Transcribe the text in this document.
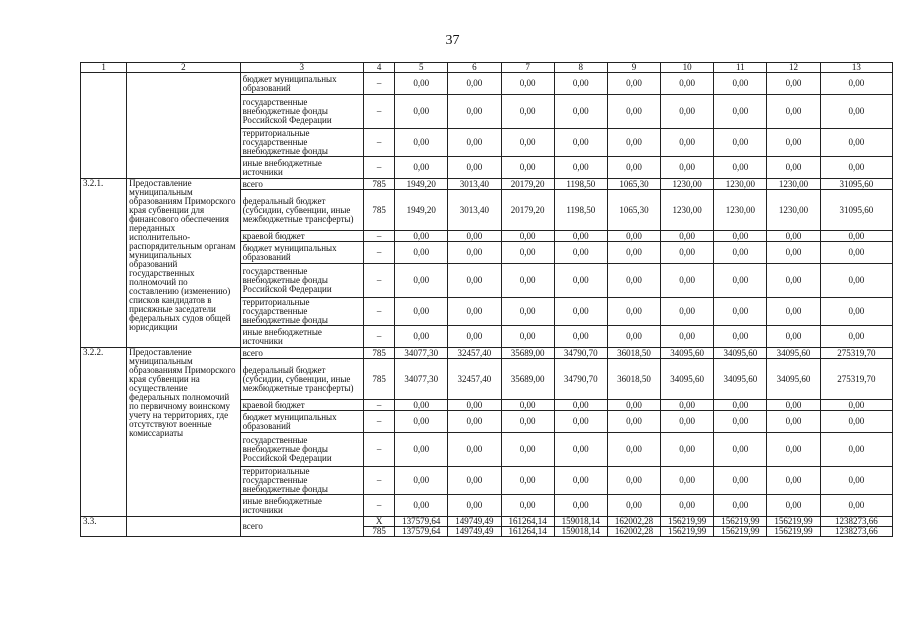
37
1	2	3	4	5	6	7	8	9	10	11	12	13
		бюджет муниципальных образований	–	0,00	0,00	0,00	0,00	0,00	0,00	0,00	0,00	0,00
		государственные внебюджетные фонды Российской Федерации	–	0,00	0,00	0,00	0,00	0,00	0,00	0,00	0,00	0,00
		территориальные государственные внебюджетные фонды	–	0,00	0,00	0,00	0,00	0,00	0,00	0,00	0,00	0,00
		иные внебюджетные источники	–	0,00	0,00	0,00	0,00	0,00	0,00	0,00	0,00	0,00
3.2.1.	Предоставление муниципальным образованиям Приморского края субвенции для финансового обеспечения переданных исполнительно-распорядительным органам муниципальных образований государственных полномочий по составлению (изменению) списков кандидатов в присяжные заседатели федеральных судов общей юрисдикции	всего	785	1949,20	3013,40	20179,20	1198,50	1065,30	1230,00	1230,00	1230,00	31095,60
		федеральный бюджет (субсидии, субвенции, иные межбюджетные трансферты)	785	1949,20	3013,40	20179,20	1198,50	1065,30	1230,00	1230,00	1230,00	31095,60
		краевой бюджет	–	0,00	0,00	0,00	0,00	0,00	0,00	0,00	0,00	0,00
		бюджет муниципальных образований	–	0,00	0,00	0,00	0,00	0,00	0,00	0,00	0,00	0,00
		государственные внебюджетные фонды Российской Федерации	–	0,00	0,00	0,00	0,00	0,00	0,00	0,00	0,00	0,00
		территориальные государственные внебюджетные фонды	–	0,00	0,00	0,00	0,00	0,00	0,00	0,00	0,00	0,00
		иные внебюджетные источники	–	0,00	0,00	0,00	0,00	0,00	0,00	0,00	0,00	0,00
3.2.2.	Предоставление муниципальным образованиям Приморского края субвенции на осуществление федеральных полномочий по первичному воинскому учету на территориях, где отсутствуют военные комиссариаты	всего	785	34077,30	32457,40	35689,00	34790,70	36018,50	34095,60	34095,60	34095,60	275319,70
		федеральный бюджет (субсидии, субвенции, иные межбюджетные трансферты)	785	34077,30	32457,40	35689,00	34790,70	36018,50	34095,60	34095,60	34095,60	275319,70
		краевой бюджет	–	0,00	0,00	0,00	0,00	0,00	0,00	0,00	0,00	0,00
		бюджет муниципальных образований	–	0,00	0,00	0,00	0,00	0,00	0,00	0,00	0,00	0,00
		государственные внебюджетные фонды Российской Федерации	–	0,00	0,00	0,00	0,00	0,00	0,00	0,00	0,00	0,00
		территориальные государственные внебюджетные фонды	–	0,00	0,00	0,00	0,00	0,00	0,00	0,00	0,00	0,00
		иные внебюджетные источники	–	0,00	0,00	0,00	0,00	0,00	0,00	0,00	0,00	0,00
3.3.		всего	Х	137579,64	149749,49	161264,14	159018,14	162002,28	156219,99	156219,99	156219,99	1238273,66
			785	137579,64	149749,49	161264,14	159018,14	162002,28	156219,99	156219,99	156219,99	1238273,66
